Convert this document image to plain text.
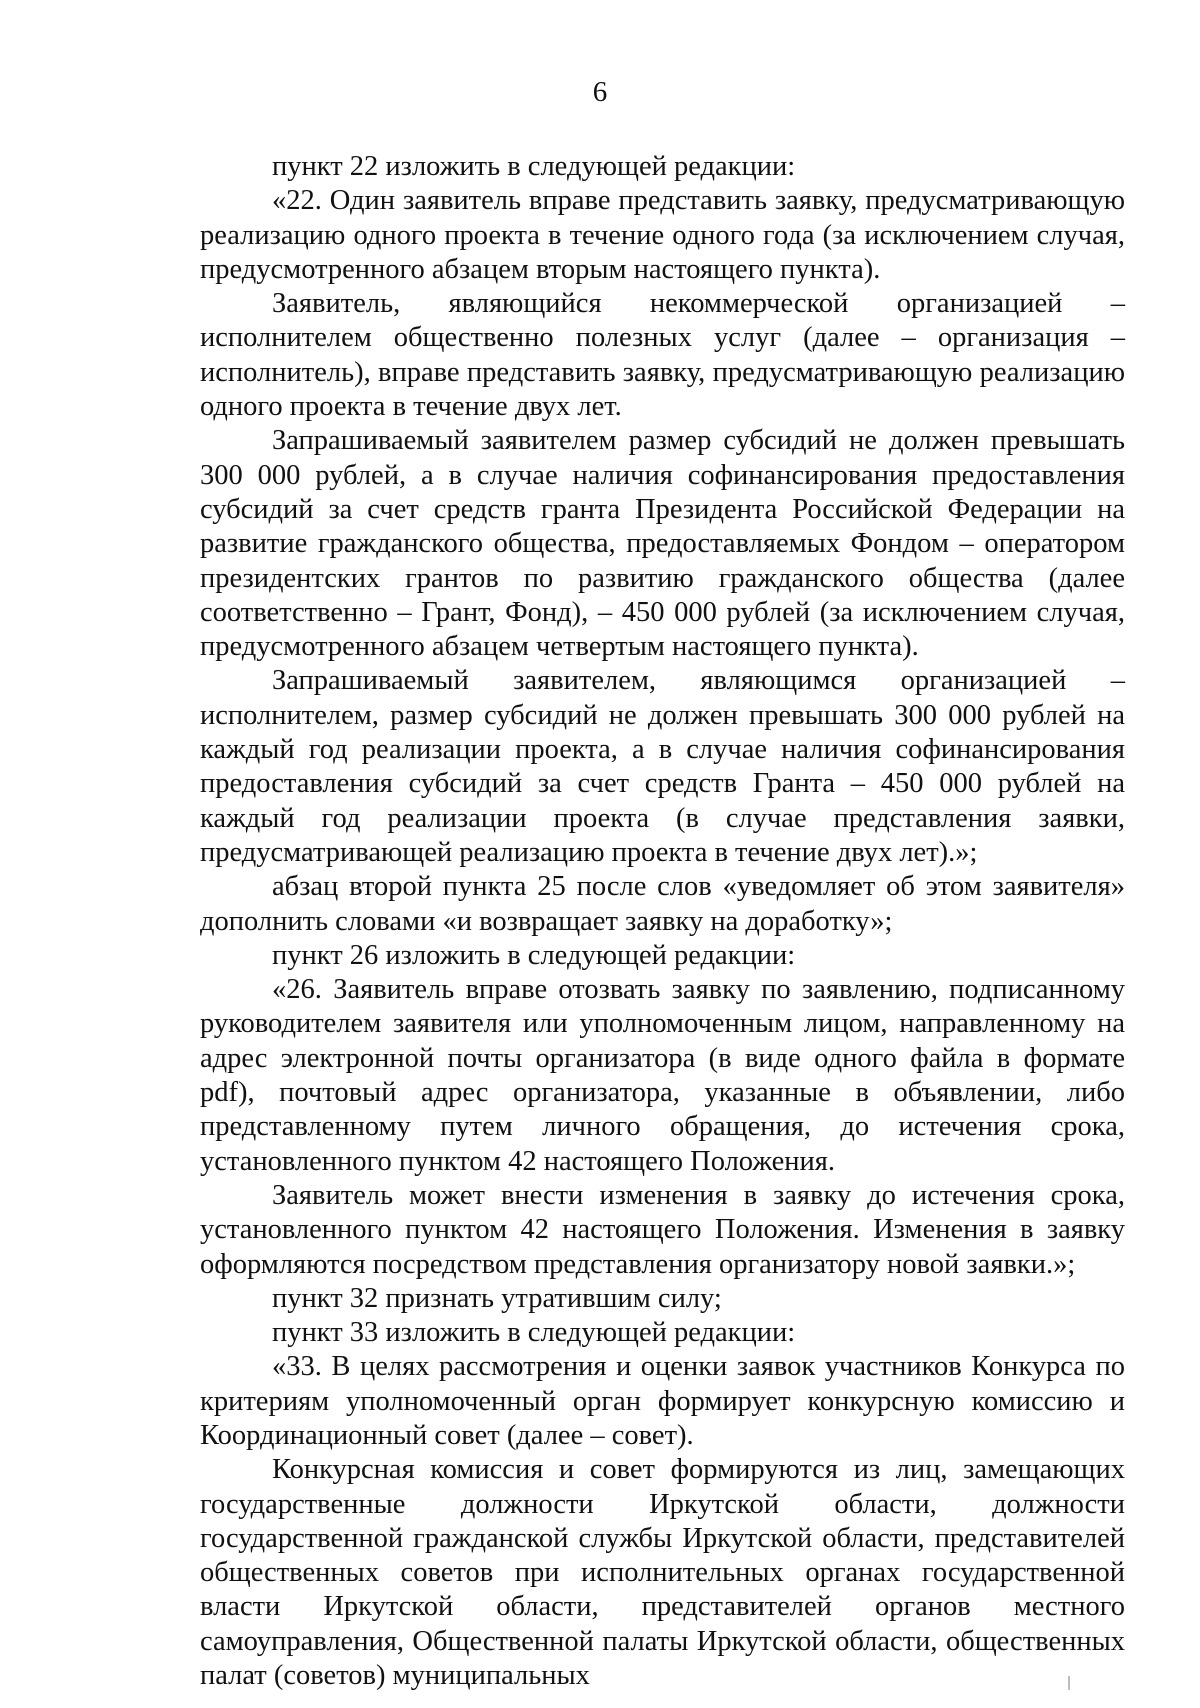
6

пункт 22 изложить в следующей редакции:

«22. Один заявитель вправе представить заявку, предусматривающую реализацию одного проекта в течение одного года (за исключением случая, предусмотренного абзацем вторым настоящего пункта).

Заявитель, являющийся некоммерческой организацией – исполнителем общественно полезных услуг (далее – организация – исполнитель), вправе представить заявку, предусматривающую реализацию одного проекта в течение двух лет.

Запрашиваемый заявителем размер субсидий не должен превышать 300 000 рублей, а в случае наличия софинансирования предоставления субсидий за счет средств гранта Президента Российской Федерации на развитие гражданского общества, предоставляемых Фондом – оператором президентских грантов по развитию гражданского общества (далее соответственно – Грант, Фонд), – 450 000 рублей (за исключением случая, предусмотренного абзацем четвертым настоящего пункта).

Запрашиваемый заявителем, являющимся организацией – исполнителем, размер субсидий не должен превышать 300 000 рублей на каждый год реализации проекта, а в случае наличия софинансирования предоставления субсидий за счет средств Гранта – 450 000 рублей на каждый год реализации проекта (в случае представления заявки, предусматривающей реализацию проекта в течение двух лет).»;

абзац второй пункта 25 после слов «уведомляет об этом заявителя» дополнить словами «и возвращает заявку на доработку»;

пункт 26 изложить в следующей редакции:

«26. Заявитель вправе отозвать заявку по заявлению, подписанному руководителем заявителя или уполномоченным лицом, направленному на адрес электронной почты организатора (в виде одного файла в формате pdf), почтовый адрес организатора, указанные в объявлении, либо представленному путем личного обращения, до истечения срока, установленного пунктом 42 настоящего Положения.

Заявитель может внести изменения в заявку до истечения срока, установленного пунктом 42 настоящего Положения. Изменения в заявку оформляются посредством представления организатору новой заявки.»;

пункт 32 признать утратившим силу;

пункт 33 изложить в следующей редакции:

«33. В целях рассмотрения и оценки заявок участников Конкурса по критериям уполномоченный орган формирует конкурсную комиссию и Координационный совет (далее – совет).

Конкурсная комиссия и совет формируются из лиц, замещающих государственные должности Иркутской области, должности государственной гражданской службы Иркутской области, представителей общественных советов при исполнительных органах государственной власти Иркутской области, представителей органов местного самоуправления, Общественной палаты Иркутской области, общественных палат (советов) муниципальных
